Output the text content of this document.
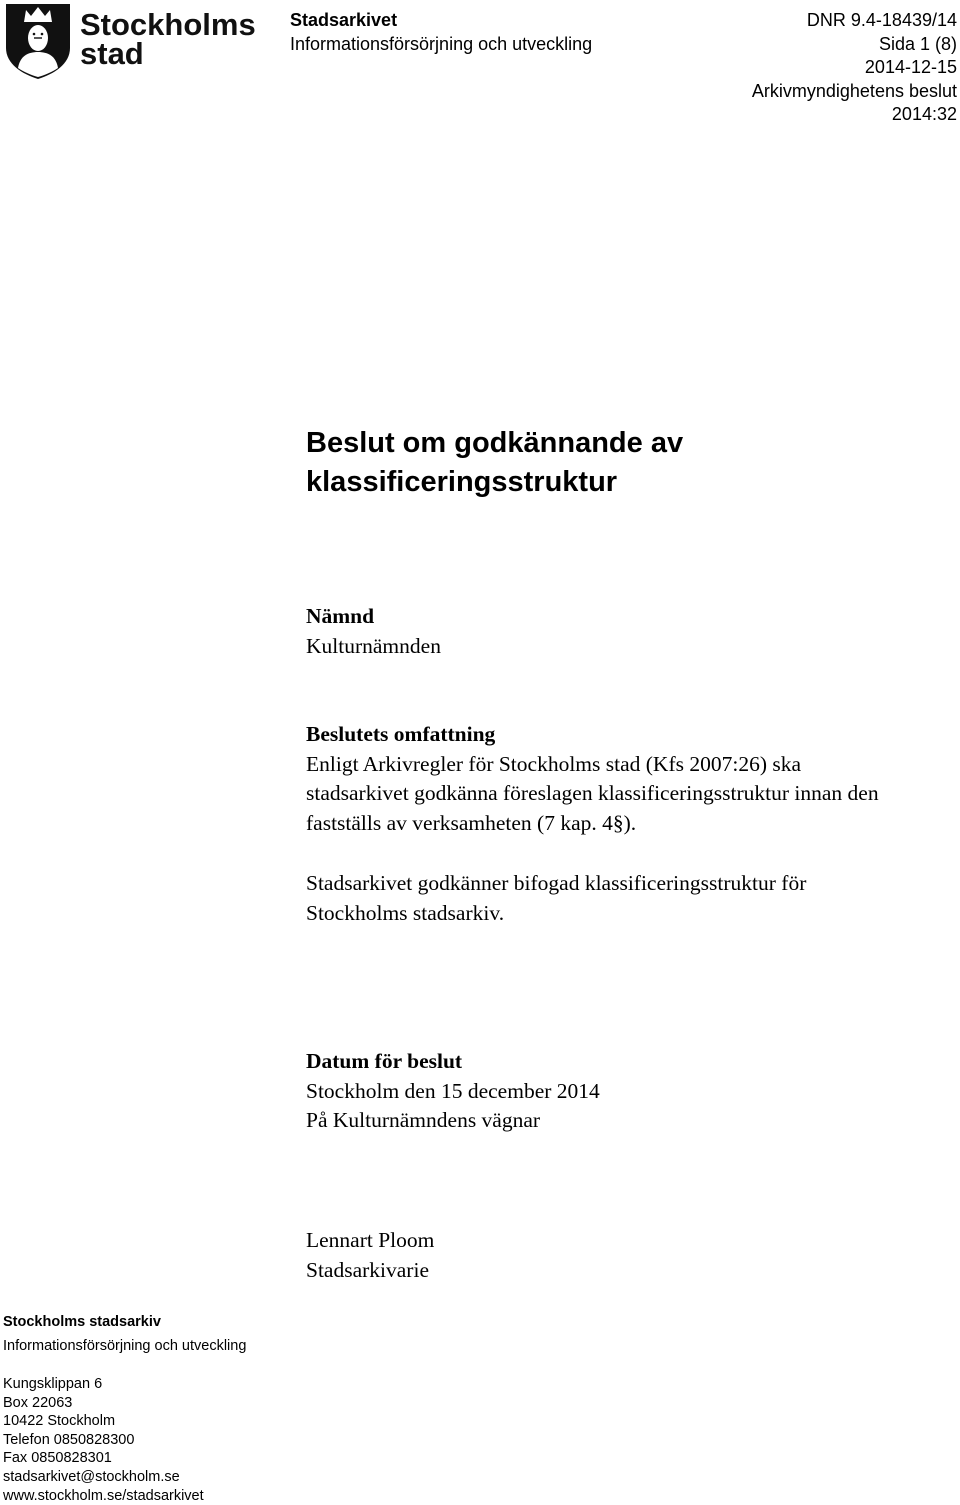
Stockholms
stad
Stadsarkivet
Informationsförsörjning och utveckling
DNR 9.4-18439/14
Sida 1 (8)
2014-12-15
Arkivmyndighetens beslut
2014:32
Beslut om godkännande av
klassificeringsstruktur
Nämnd
Kulturnämnden
Beslutets omfattning
Enligt Arkivregler för Stockholms stad (Kfs 2007:26) ska
stadsarkivet godkänna föreslagen klassificeringsstruktur innan den
fastställs av verksamheten (7 kap. 4§).
Stadsarkivet godkänner bifogad klassificeringsstruktur för
Stockholms stadsarkiv.
Datum för beslut
Stockholm den 15 december 2014
På Kulturnämndens vägnar
Lennart Ploom
Stadsarkivarie
Stockholms stadsarkiv
Informationsförsörjning och utveckling
Kungsklippan 6
Box 22063
10422 Stockholm
Telefon 0850828300
Fax 0850828301
stadsarkivet@stockholm.se
www.stockholm.se/stadsarkivet
